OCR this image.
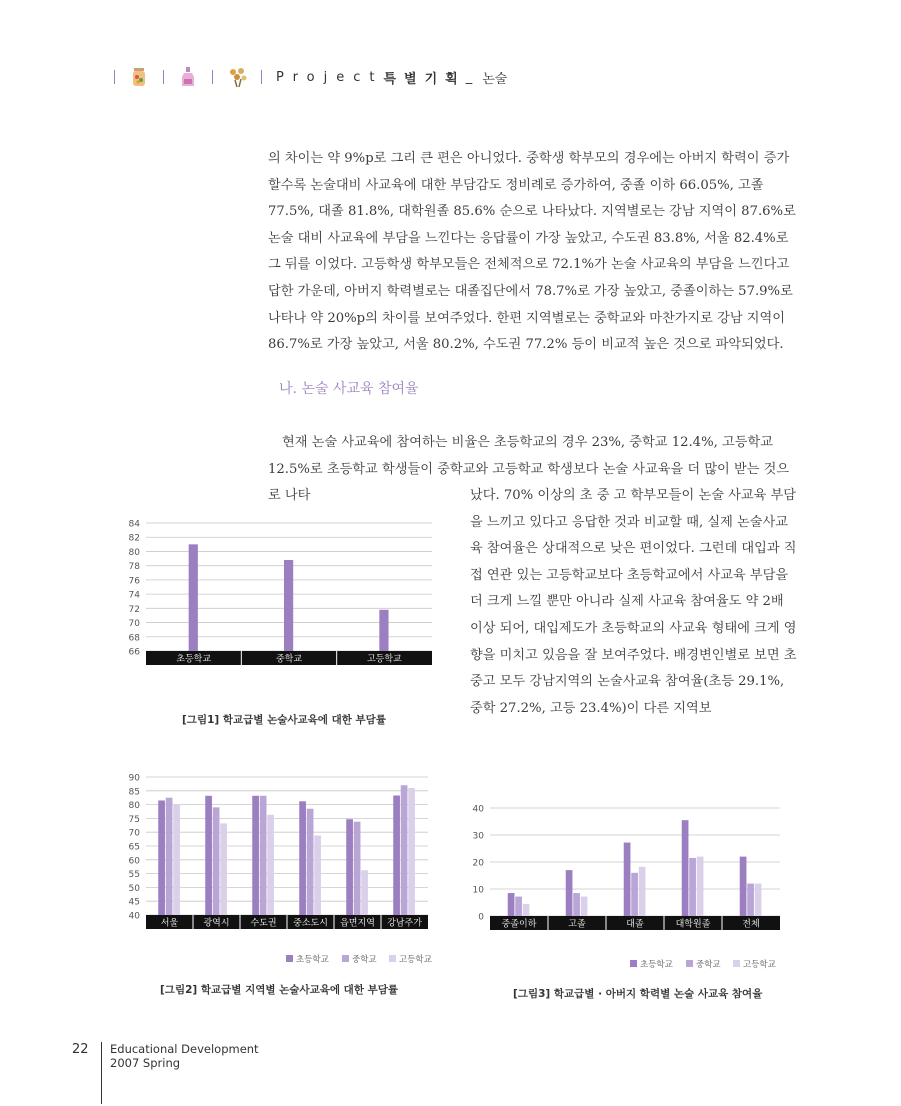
Project 특별기획 _ 논술

의 차이는 약 9%p로 그리 큰 편은 아니었다. 중학생 학부모의 경우에는 아버지 학력이 증가할수록 논술대비 사교육에 대한 부담감도 정비례로 증가하여, 중졸 이하 66.05%, 고졸 77.5%, 대졸 81.8%, 대학원졸 85.6% 순으로 나타났다. 지역별로는 강남 지역이 87.6%로 논술 대비 사교육에 부담을 느낀다는 응답률이 가장 높았고, 수도권 83.8%, 서울 82.4%로 그 뒤를 이었다. 고등학생 학부모들은 전체적으로 72.1%가 논술 사교육의 부담을 느낀다고 답한 가운데, 아버지 학력별로는 대졸집단에서 78.7%로 가장 높았고, 중졸이하는 57.9%로 나타나 약 20%p의 차이를 보여주었다. 한편 지역별로는 중학교와 마찬가지로 강남 지역이 86.7%로 가장 높았고, 서울 80.2%, 수도권 77.2% 등이 비교적 높은 것으로 파악되었다.

나. 논술 사교육 참여율

현재 논술 사교육에 참여하는 비율은 초등학교의 경우 23%, 중학교 12.4%, 고등학교 12.5%로 초등학교 학생들이 중학교와 고등학교 학생보다 논술 사교육을 더 많이 받는 것으로 나타	났다. 70% 이상의 초 중 고 학부모들이 논술 사교육 부담을 느끼고 있다고 응답한 것과 비교할 때, 실제 논술사교육 참여율은 상대적으로 낮은 편이었다. 그런데 대입과 직접 연관 있는 고등학교보다 초등학교에서 사교육 부담을 더 크게 느낄 뿐만 아니라 실제 사교육 참여율도 약 2배 이상 되어, 대입제도가 초등학교의 사교육 형태에 크게 영향을 미치고 있음을 잘 보여주었다. 배경변인별로 보면 초중고 모두 강남지역의 논술사교육 참여율(초등 29.1%, 중학 27.2%, 고등 23.4%)이 다른 지역보

66
68
70
72
74
76
78
80
82
84
초등학교	중학교	고등학교
[그림1] 학교급별 논술사교육에 대한 부담률
40
45
50
55
60
65
70
75
80
85
90
서울	광역시 수도권 중소도시 읍면지역 강남주가
초등학교	중학교	고등학교
[그림2] 학교급별 지역별 논술사교육에 대한 부담률
0
10
20
30
40
중졸이하	고졸	대졸	대학원졸	전체
초등학교	중학교	고등학교
[그림3] 학교급별 · 아버지 학력별 논술 사교육 참여율
22 Educational Development
2007 Spring
